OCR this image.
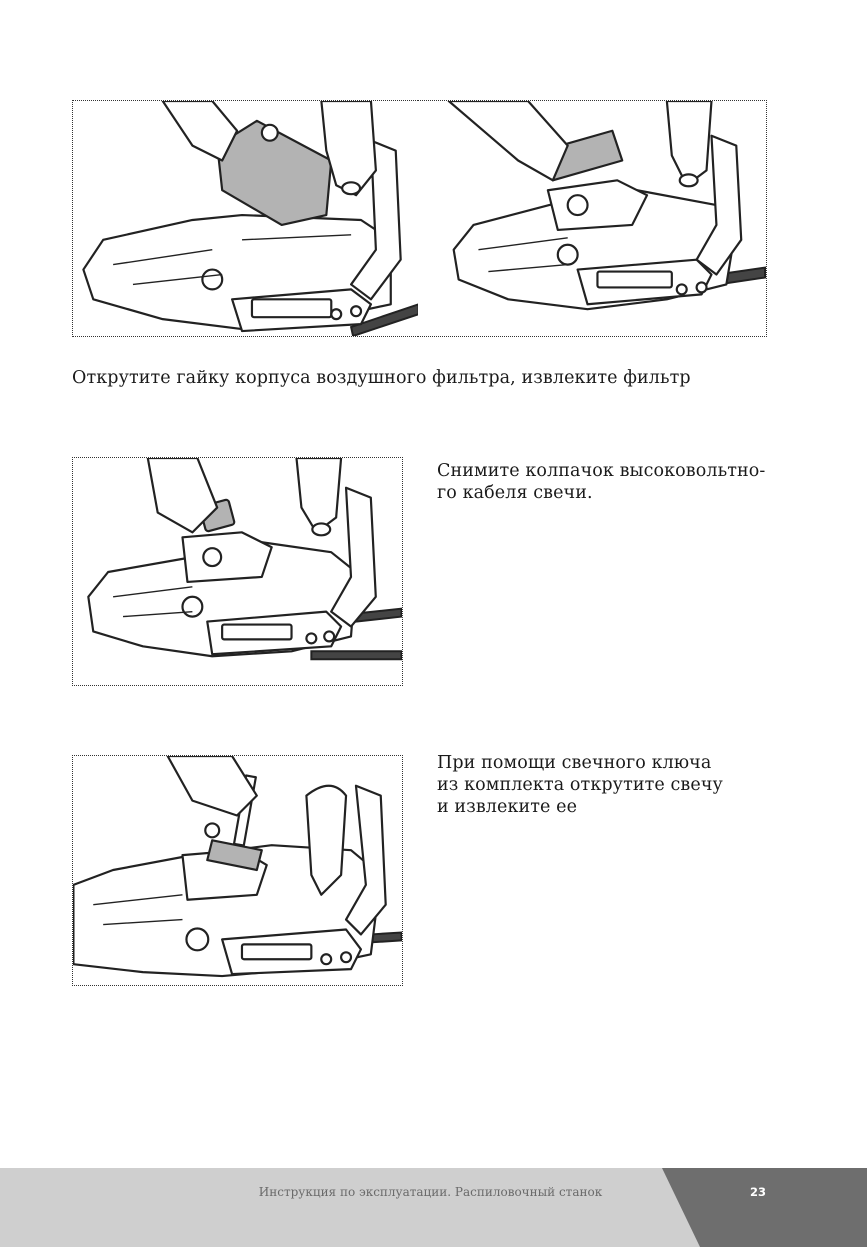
Открутите гайку корпуса воздушного фильтра, извлеките фильтр

Снимите колпачок высоковольтно-
го кабеля свечи.

При помощи свечного ключа
из комплекта открутите свечу
и извлеките ее

Инструкция по эксплуатации. Распиловочный станок	23
